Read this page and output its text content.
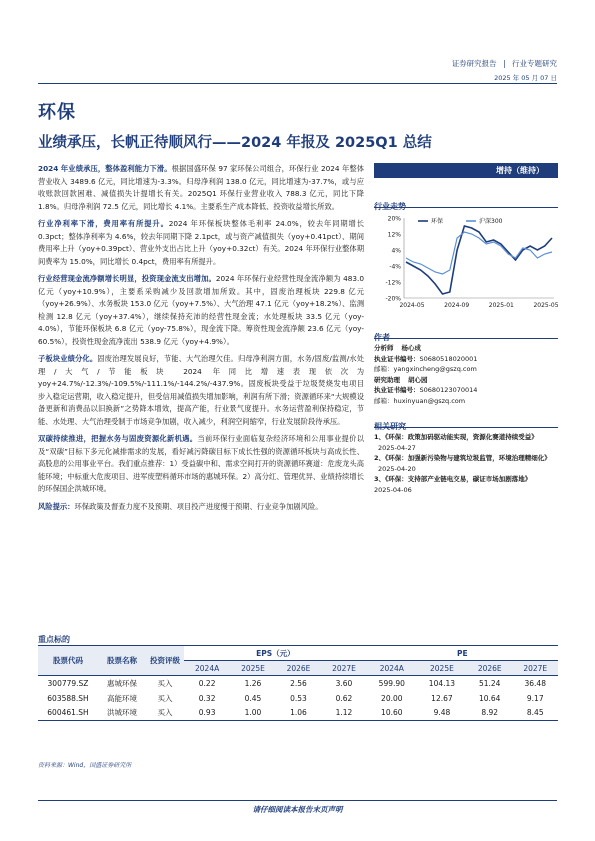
证券研究报告 | 行业专题研究
2025 年 05 月 07 日
环保
业绩承压，长帆正待顺风行——2024 年报及 2025Q1 总结

2024 年业绩承压，整体盈利能力下滑。根据国盛环保 97 家环保公司组合，环保行业 2024 年整体营业收入 3489.6 亿元，同比增速为-3.3%。归母净利润 138.0 亿元，同比增速为-37.7%，或与应收账款回款困难、减值损失计提增长有关。2025Q1 环保行业营业收入 788.3 亿元，同比下降 1.8%。归母净利润 72.5 亿元，同比增长 4.1%。主要系生产成本降低、投资收益增长所致。

行业净利率下滑，费用率有所提升。2024 年环保板块整体毛利率 24.0%，较去年同期增长 0.3pct；整体净利率为 4.6%，较去年同期下降 2.1pct，或与资产减值损失（yoy+0.41pct）、期间费用率上升（yoy+0.39pct）、营业外支出占比上升（yoy+0.32ct）有关。2024 年环保行业整体期间费率为 15.0%，同比增长 0.4pct，费用率有所提升。

行业经营现金流净额增长明显，投资现金流支出增加。2024 年环保行业经营性现金流净额为 483.0 亿元（yoy+10.9%），主要系采购减少及回款增加所致。其中，固废治理板块 229.8 亿元（yoy+26.9%）、水务板块 153.0 亿元（yoy+7.5%）、大气治理 47.1 亿元（yoy+18.2%）、监测检测 12.8 亿元（yoy+37.4%），继续保持充沛的经营性现金流；水处理板块 33.5 亿元（yoy-4.0%），节能环保板块 6.8 亿元（yoy-75.8%），现金流下降。筹资性现金流净额 23.6 亿元（yoy-60.5%），投资性现金流净流出 538.9 亿元（yoy+4.9%）。

子板块业绩分化。固废治理发展良好，节能、大气治理欠佳。归母净利润方面，水务/固废/监测/水处理/大气/节能板块 2024 年同比增速表现依次为 yoy+24.7%/-12.3%/-109.5%/-111.1%/-144.2%/-437.9%。固废板块受益于垃圾焚烧发电项目步入稳定运营期，收入稳定提升，但受信用减值损失增加影响，利润有所下滑；资源循环来“大规模设备更新和消费品以旧换新”之势降本增效，提高产能，行业景气度提升。水务运营盈利保持稳定，节能、水处理、大气治理受制于市场竞争加剧，收入减少，利润空间缩窄，行业发展阶段待承压。

双碳持续推进，把握水务与固废资源化新机遇。当前环保行业面临复杂经济环境和公用事业提价以及“双碳”目标下多元化减排需求的发展，看好减污降碳目标下成长性强的资源循环板块与高成长性、高股息的公用事业平台。我们重点推荐：1）受益碳中和、需求空间打开的资源循环赛道：危废龙头高能环境；中标重大危废项目、进军废塑料循环市场的惠城环保。2）高分红、管理优异、业绩持续增长的环保国企洪城环境。

风险提示：环保政策及督查力度不及预期、项目投产进度慢于预期、行业竞争加剧风险。

增持（维持）
行业走势
20%
12%
4%
-4%
-12%
-20%
2024-05	2024-09	2025-01	2025-05
环保	沪深300
作者
分析师 杨心成
执业证书编号：S0680518020001
邮箱：yangxincheng@gszq.com
研究助理 胡心园
执业证书编号：S0680123070014
邮箱：huxinyuan@gszq.com
相关研究
1、《环保：政策加码驱动能实现，资源化赛道持续受益》2025-04-27
2、《环保：加强新污染物与建筑垃圾监管，环境治理精细化》2025-04-20
3、《环保：支持部产业链电交易，碳证市场加剧落地》
2025-04-06
重点标的
股票代码	股票名称	投资评级	EPS（元）				PE			
			2024A	2025E	2026E	2027E	2024A	2025E	2026E	2027E
300779.SZ	惠城环保	买入	0.22	1.26	2.56	3.60	599.90	104.13	51.24	36.48
603588.SH	高能环境	买入	0.32	0.45	0.53	0.62	20.00	12.67	10.64	9.17
600461.SH	洪城环境	买入	0.93	1.00	1.06	1.12	10.60	9.48	8.92	8.45
资料来源：Wind，国盛证券研究所
请仔细阅读本报告末页声明
